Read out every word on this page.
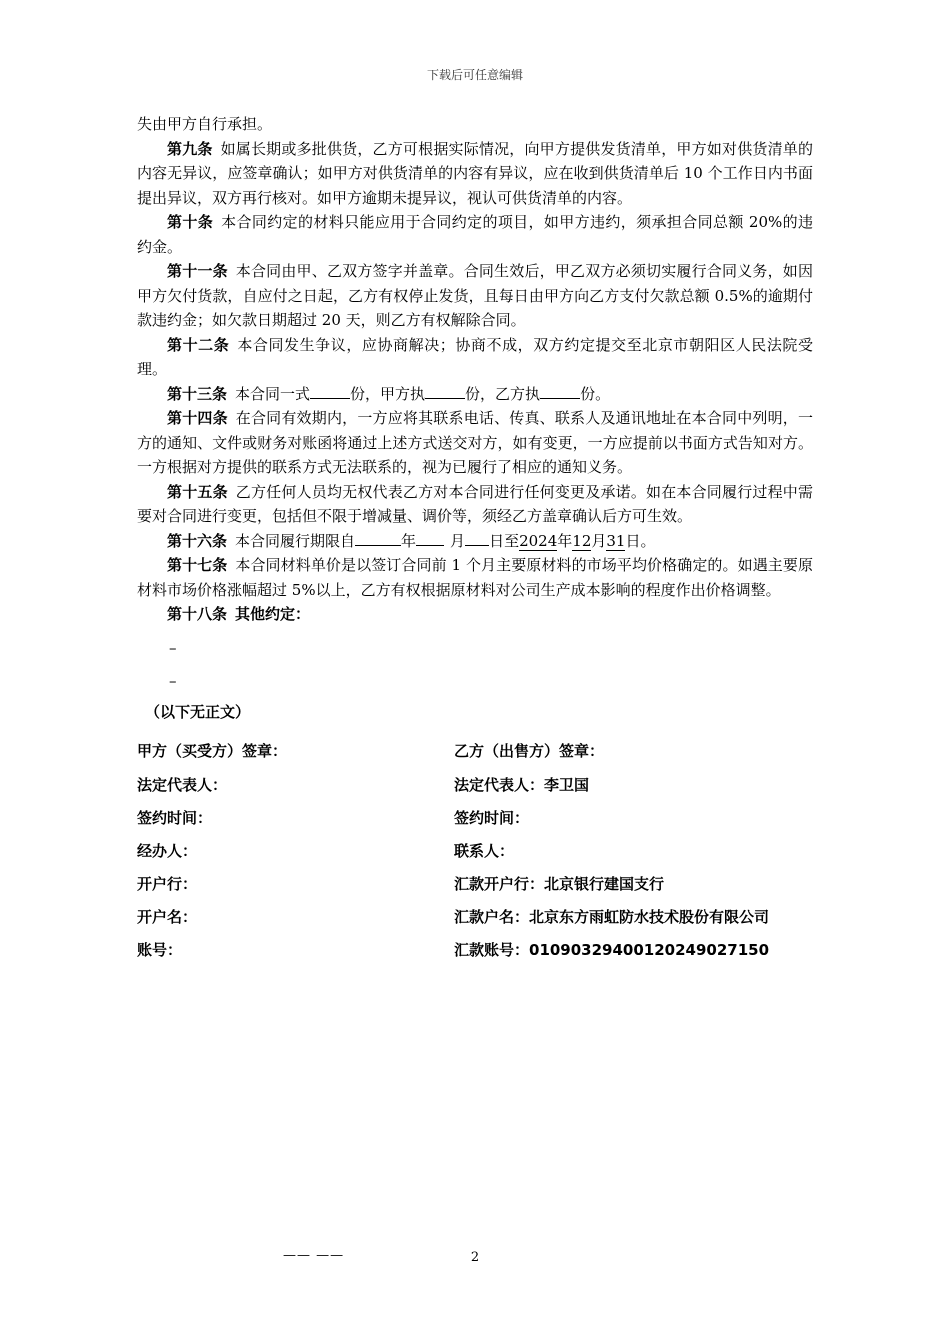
下载后可任意编辑

失由甲方自行承担。

第九条 如属长期或多批供货，乙方可根据实际情况，向甲方提供发货清单，甲方如对供货清单的内容无异议，应签章确认；如甲方对供货清单的内容有异议，应在收到供货清单后 10 个工作日内书面提出异议，双方再行核对。如甲方逾期未提异议，视认可供货清单的内容。

第十条 本合同约定的材料只能应用于合同约定的项目，如甲方违约，须承担合同总额 20%的违约金。

第十一条 本合同由甲、乙双方签字并盖章。合同生效后，甲乙双方必须切实履行合同义务，如因甲方欠付货款，自应付之日起，乙方有权停止发货，且每日由甲方向乙方支付欠款总额 0.5%的逾期付款违约金；如欠款日期超过 20 天，则乙方有权解除合同。

第十二条 本合同发生争议，应协商解决；协商不成，双方约定提交至北京市朝阳区人民法院受理。

第十三条 本合同一式	份，甲方执	份，乙方执	份。

第十四条 在合同有效期内，一方应将其联系电话、传真、联系人及通讯地址在本合同中列明，一方的通知、文件或财务对账函将通过上述方式送交对方，如有变更，一方应提前以书面方式告知对方。一方根据对方提供的联系方式无法联系的，视为已履行了相应的通知义务。

第十五条 乙方任何人员均无权代表乙方对本合同进行任何变更及承诺。如在本合同履行过程中需要对合同进行变更，包括但不限于增减量、调价等，须经乙方盖章确认后方可生效。

第十六条 本合同履行期限自	年 月 日至2024年12月31日。

第十七条 本合同材料单价是以签订合同前 1 个月主要原材料的市场平均价格确定的。如遇主要原材料市场价格涨幅超过 5%以上，乙方有权根据原材料对公司生产成本影响的程度作出价格调整。

第十八条 其他约定：

–

–

（以下无正文）

甲方（买受方）签章：	乙方（出售方）签章：
法定代表人：	法定代表人：李卫国
签约时间：	签约时间：
经办人：	联系人：
开户行：	汇款开户行：北京银行建国支行
开户名：	汇款户名：北京东方雨虹防水技术股份有限公司
账号：	汇款账号：01090329400120249027150
—— ——	2
